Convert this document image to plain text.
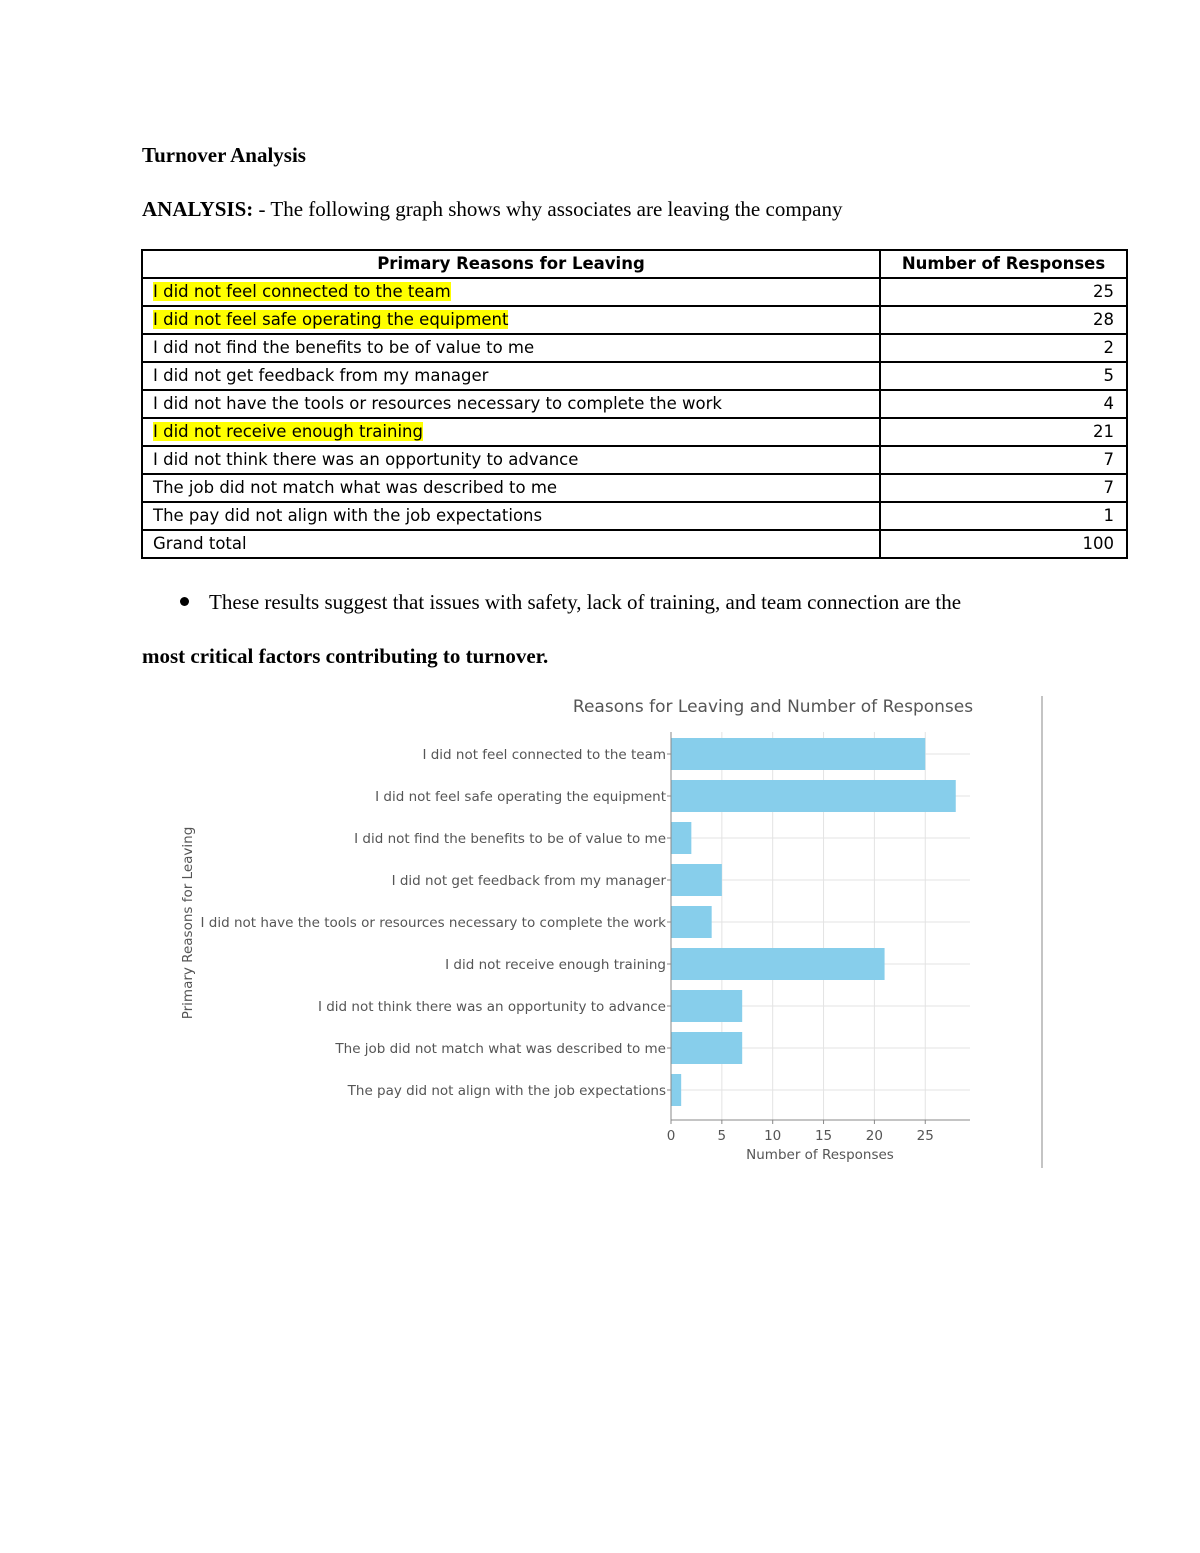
Turnover Analysis

ANALYSIS: - The following graph shows why associates are leaving the company

Primary Reasons for Leaving	Number of Responses
I did not feel connected to the team	25
I did not feel safe operating the equipment	28
I did not find the benefits to be of value to me	2
I did not get feedback from my manager	5
I did not have the tools or resources necessary to complete the work	4
I did not receive enough training	21
I did not think there was an opportunity to advance	7
The job did not match what was described to me	7
The pay did not align with the job expectations	1
Grand total	100

These results suggest that issues with safety, lack of training, and team connection are the

most critical factors contributing to turnover.

I did not feel connected to the team
I did not feel safe operating the equipment
I did not find the benefits to be of value to me
I did not get feedback from my manager
I did not have the tools or resources necessary to complete the work
I did not receive enough training
I did not think there was an opportunity to advance
The job did not match what was described to me
The pay did not align with the job expectations
0	5	10 15 20 25
Reasons for Leaving and Number of Responses
Number of Responses
Primary Reasons for Leaving
